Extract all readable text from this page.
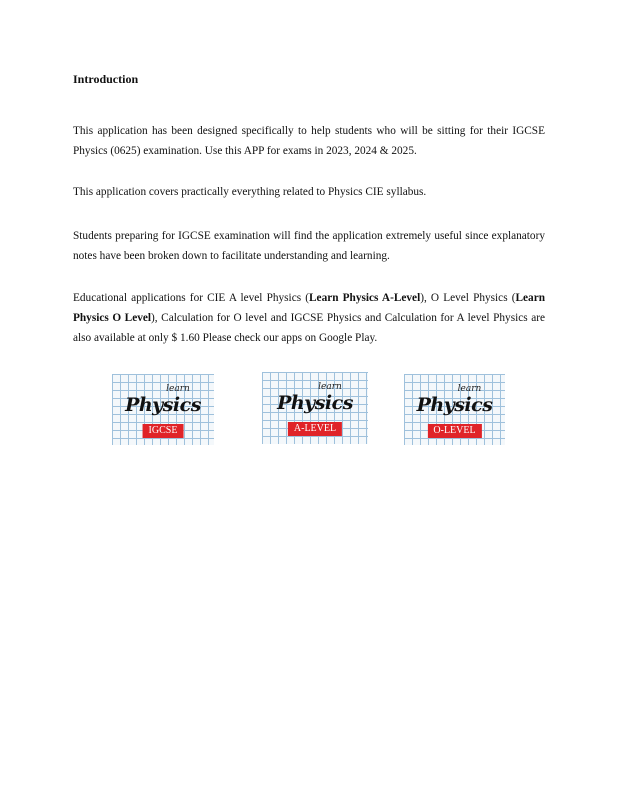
Introduction

This application has been designed specifically to help students who will be sitting for their IGCSE Physics (0625) examination. Use this APP for exams in 2023, 2024 & 2025.

This application covers practically everything related to Physics CIE syllabus.

Students preparing for IGCSE examination will find the application extremely useful since explanatory notes have been broken down to facilitate understanding and learning.

Educational applications for CIE A level Physics (Learn Physics A-Level), O Level Physics (Learn Physics O Level), Calculation for O level and IGCSE Physics and Calculation for A level Physics are also available at only $ 1.60 Please check our apps on Google Play.

learn
Physics
IGCSE
learn
Physics
A-LEVEL
learn
Physics
O-LEVEL
